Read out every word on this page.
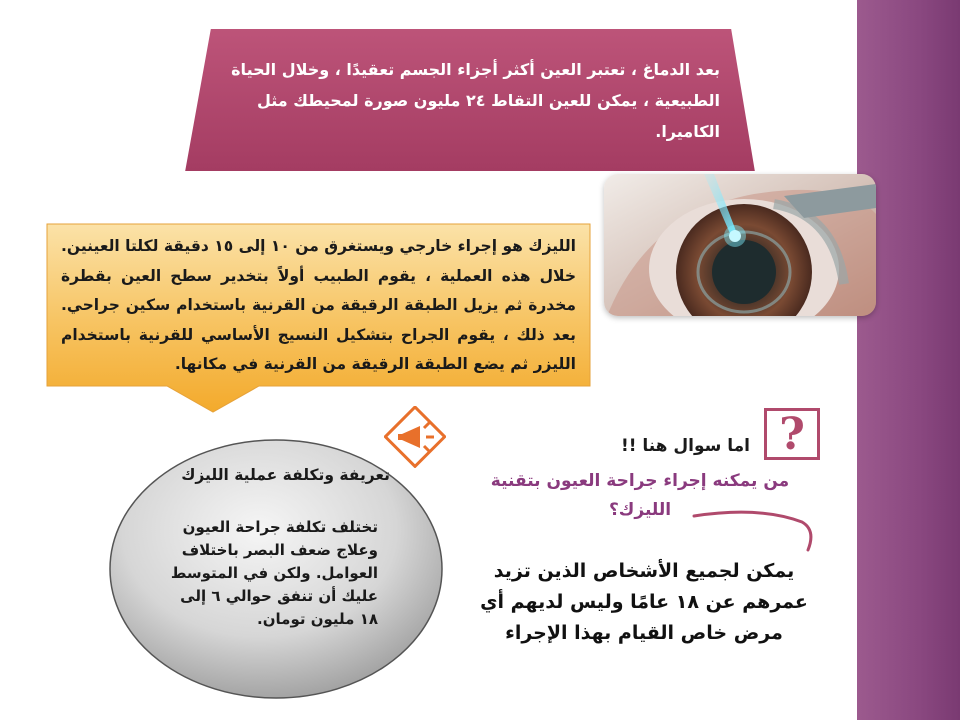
بعد الدماغ ، تعتبر العين أكثر أجزاء الجسم تعقيدًا ، وخلال الحياة الطبيعية ، يمكن للعين التقاط ٢٤ مليون صورة لمحيطك مثل الكاميرا.
الليزك هو إجراء خارجي ويستغرق من ١٠ إلى ١٥ دقيقة لكلتا العينين. خلال هذه العملية ، يقوم الطبيب أولاً بتخدير سطح العين بقطرة مخدرة ثم يزيل الطبقة الرقيقة من القرنية باستخدام سكين جراحي. بعد ذلك ، يقوم الجراح بتشكيل النسيج الأساسي للقرنية باستخدام الليزر ثم يضع الطبقة الرقيقة من القرنية في مكانها.
تعريفة وتكلفة عملية الليزك
تختلف تكلفة جراحة العيون وعلاج ضعف البصر باختلاف العوامل. ولكن في المتوسط عليك أن تنفق حوالي ٦ إلى ١٨ مليون تومان.
?
اما سوال هنا !!
من يمكنه إجراء جراحة العيون بتقنية الليزك؟
يمكن لجميع الأشخاص الذين تزيد عمرهم عن ١٨ عامًا وليس لديهم أي مرض خاص القيام بهذا الإجراء
